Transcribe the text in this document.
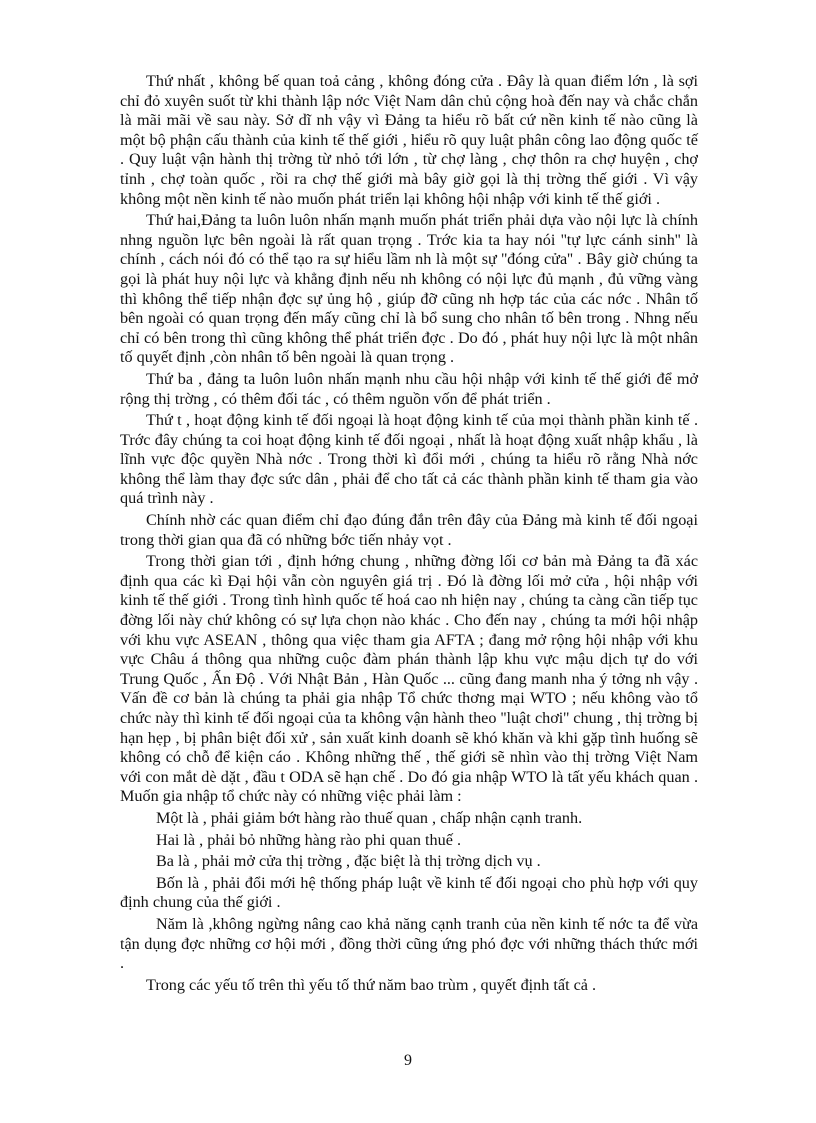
Thứ nhất , không bế quan toả cảng , không đóng cửa . Đây là quan điểm lớn , là sợi chỉ đỏ xuyên suốt từ khi thành lập nớc Việt Nam dân chủ cộng hoà đến nay và chắc chắn là mãi mãi về sau này. Sở dĩ nh vậy vì Đảng ta hiểu rõ bất cứ nền kinh tế nào cũng là một bộ phận cấu thành của kinh tế thế giới , hiểu rõ quy luật phân công lao động quốc tế . Quy luật vận hành thị trờng từ nhỏ tới lớn , từ chợ làng , chợ thôn ra chợ huyện , chợ tỉnh , chợ toàn quốc , rồi ra chợ thế giới mà bây giờ gọi là thị trờng thế giới . Vì vậy không một nền kinh tế nào muốn phát triển lại không hội nhập với kinh tế thế giới .

Thứ hai,Đảng ta luôn luôn nhấn mạnh muốn phát triển phải dựa vào nội lực là chính nhng nguồn lực bên ngoài là rất quan trọng . Trớc kia ta hay nói ''tự lực cánh sinh'' là chính , cách nói đó có thể tạo ra sự hiểu lầm nh là một sự ''đóng cửa'' . Bây giờ chúng ta gọi là phát huy nội lực và khẳng định nếu nh không có nội lực đủ mạnh , đủ vững vàng thì không thể tiếp nhận đợc sự ủng hộ , giúp đỡ cũng nh hợp tác của các nớc . Nhân tố bên ngoài có quan trọng đến mấy cũng chỉ là bổ sung cho nhân tố bên trong . Nhng nếu chỉ có bên trong thì cũng không thể phát triển đợc . Do đó , phát huy nội lực là một nhân tố quyết định ,còn nhân tố bên ngoài là quan trọng .

Thứ ba , đảng ta luôn luôn nhấn mạnh nhu cầu hội nhập với kinh tế thế giới để mở rộng thị trờng , có thêm đối tác , có thêm nguồn vốn để phát triển .

Thứ t , hoạt động kinh tế đối ngoại là hoạt động kinh tế của mọi thành phần kinh tế . Trớc đây chúng ta coi hoạt động kinh tế đối ngoại , nhất là hoạt động xuất nhập khẩu , là lĩnh vực độc quyền Nhà nớc . Trong thời kì đổi mới , chúng ta hiểu rõ rằng Nhà nớc không thể làm thay đợc sức dân , phải để cho tất cả các thành phần kinh tế tham gia vào quá trình này .

Chính nhờ các quan điểm chỉ đạo đúng đắn trên đây của Đảng mà kinh tế đối ngoại trong thời gian qua đã có những bớc tiến nhảy vọt .

Trong thời gian tới , định hớng chung , những đờng lối cơ bản mà Đảng ta đã xác định qua các kì Đại hội vẫn còn nguyên giá trị . Đó là đờng lối mở cửa , hội nhập với kinh tế thế giới . Trong tình hình quốc tế hoá cao nh hiện nay , chúng ta càng cần tiếp tục đờng lối này chứ không có sự lựa chọn nào khác . Cho đến nay , chúng ta mới hội nhập với khu vực ASEAN , thông qua việc tham gia AFTA ; đang mở rộng hội nhập với khu vực Châu á thông qua những cuộc đàm phán thành lập khu vực mậu dịch tự do với Trung Quốc , Ấn Độ . Với Nhật Bản , Hàn Quốc ... cũng đang manh nha ý tởng nh vậy . Vấn đề cơ bản là chúng ta phải gia nhập Tổ chức thơng mại WTO ; nếu không vào tổ chức này thì kinh tế đối ngoại của ta không vận hành theo ''luật chơi'' chung , thị trờng bị hạn hẹp , bị phân biệt đối xử , sản xuất kinh doanh sẽ khó khăn và khi gặp tình huống sẽ không có chỗ để kiện cáo . Không những thế , thế giới sẽ nhìn vào thị trờng Việt Nam với con mắt dè dặt , đầu t ODA sẽ hạn chế . Do đó gia nhập WTO là tất yếu khách quan . Muốn gia nhập tổ chức này có những việc phải làm :

Một là , phải giảm bớt hàng rào thuế quan , chấp nhận cạnh tranh.

Hai là , phải bỏ những hàng rào phi quan thuế .

Ba là , phải mở cửa thị trờng , đặc biệt là thị trờng dịch vụ .

Bốn là , phải đổi mới hệ thống pháp luật về kinh tế đối ngoại cho phù hợp với quy định chung của thế giới .

Năm là ,không ngừng nâng cao khả năng cạnh tranh của nền kinh tế nớc ta để vừa tận dụng đợc những cơ hội mới , đồng thời cũng ứng phó đợc với những thách thức mới .

Trong các yếu tố trên thì yếu tố thứ năm bao trùm , quyết định tất cả .

9
